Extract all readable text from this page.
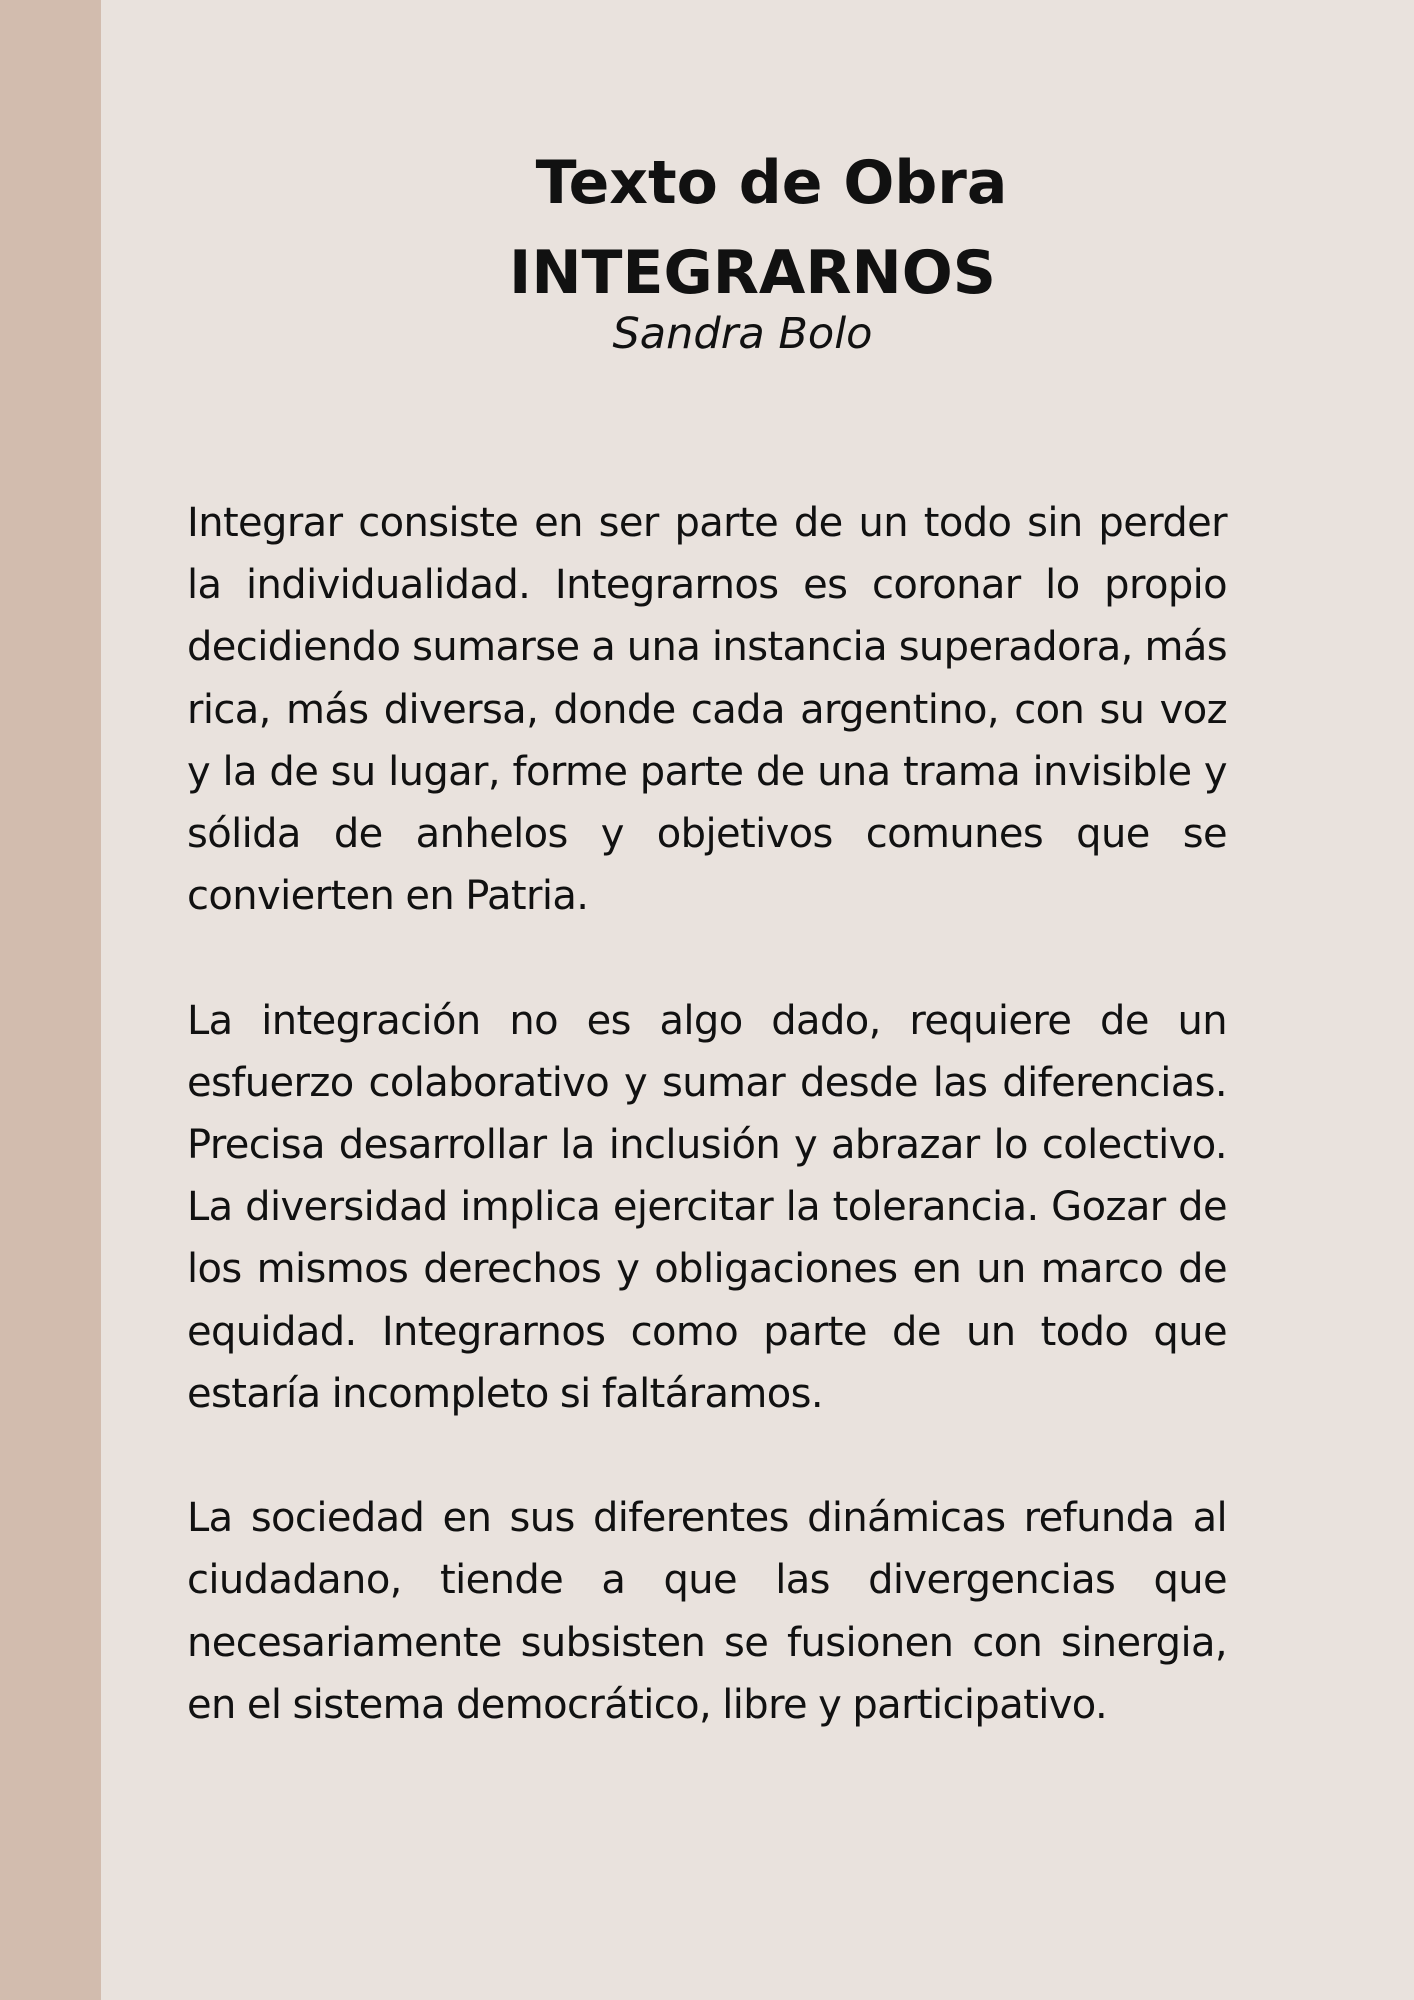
Texto de Obra
INTEGRARNOS
Sandra Bolo

Integrar consiste en ser parte de un todo sin perder la individualidad. Integrarnos es coronar lo propio decidiendo sumarse a una instancia superadora, más rica, más diversa, donde cada argentino, con su voz y la de su lugar, forme parte de una trama invisible y sólida de anhelos y objetivos comunes que se convierten en Patria.

La integración no es algo dado, requiere de un esfuerzo colaborativo y sumar desde las diferencias. Precisa desarrollar la inclusión y abrazar lo colectivo. La diversidad implica ejercitar la tolerancia. Gozar de los mismos derechos y obligaciones en un marco de equidad. Integrarnos como parte de un todo que estaría incompleto si faltáramos.

La sociedad en sus diferentes dinámicas refunda al ciudadano, tiende a que las divergencias que necesariamente subsisten se fusionen con sinergia, en el sistema democrático, libre y participativo.
